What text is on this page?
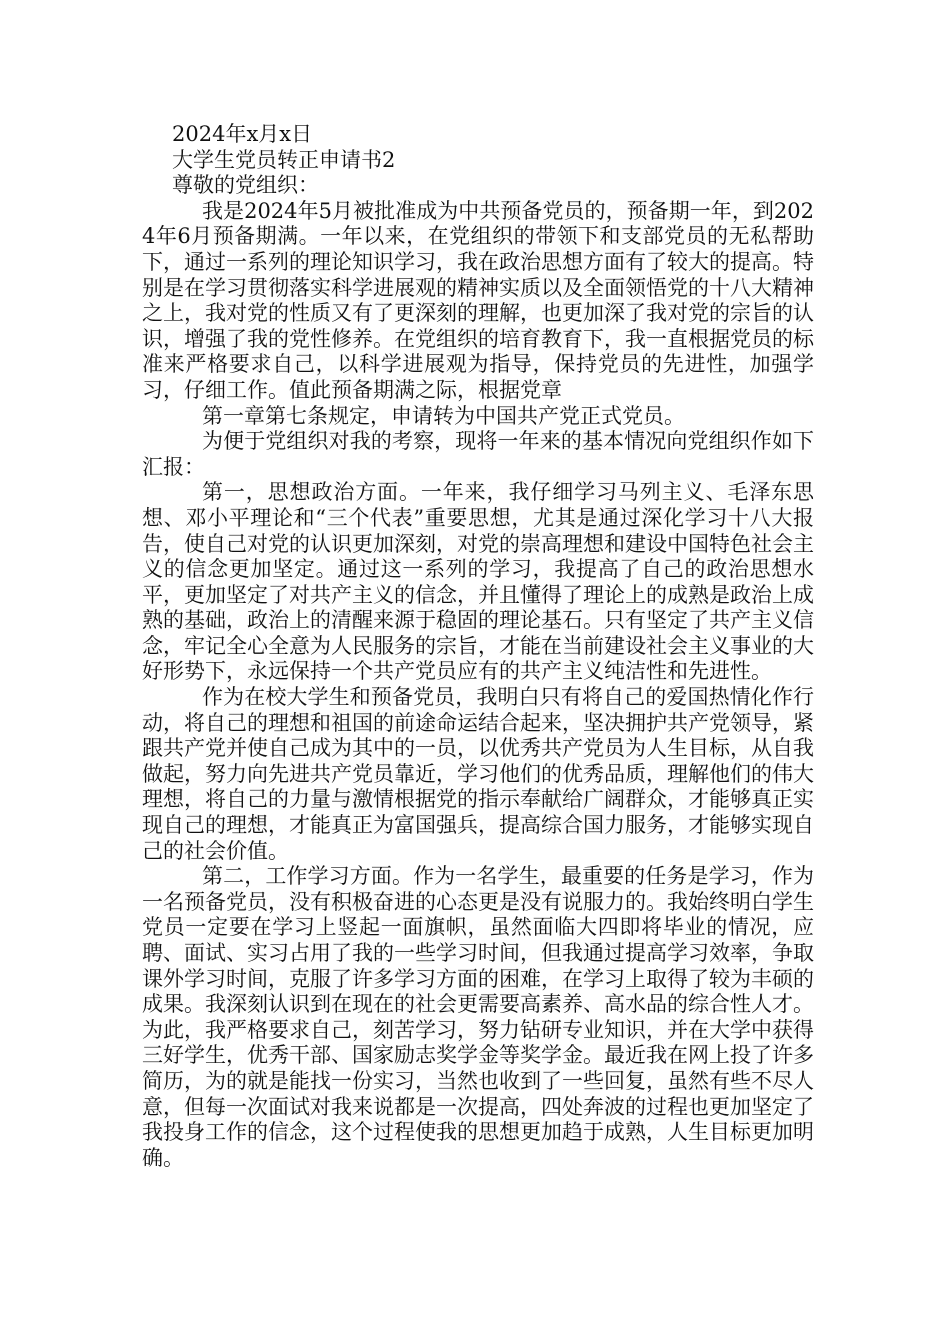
2024年x月x日

大学生党员转正申请书2

尊敬的党组织：

我是2024年5月被批准成为中共预备党员的，预备期一年，到2024年6月预备期满。一年以来，在党组织的带领下和支部党员的无私帮助下，通过一系列的理论知识学习，我在政治思想方面有了较大的提高。特别是在学习贯彻落实科学进展观的精神实质以及全面领悟党的十八大精神之上，我对党的性质又有了更深刻的理解，也更加深了我对党的宗旨的认识，增强了我的党性修养。在党组织的培育教育下，我一直根据党员的标准来严格要求自己，以科学进展观为指导，保持党员的先进性，加强学习，仔细工作。值此预备期满之际，根据党章

第一章第七条规定，申请转为中国共产党正式党员。

为便于党组织对我的考察，现将一年来的基本情况向党组织作如下汇报：

第一，思想政治方面。一年来，我仔细学习马列主义、毛泽东思想、邓小平理论和“三个代表”重要思想，尤其是通过深化学习十八大报告，使自己对党的认识更加深刻，对党的崇高理想和建设中国特色社会主义的信念更加坚定。通过这一系列的学习，我提高了自己的政治思想水平，更加坚定了对共产主义的信念，并且懂得了理论上的成熟是政治上成熟的基础，政治上的清醒来源于稳固的理论基石。只有坚定了共产主义信念，牢记全心全意为人民服务的宗旨，才能在当前建设社会主义事业的大好形势下，永远保持一个共产党员应有的共产主义纯洁性和先进性。

作为在校大学生和预备党员，我明白只有将自己的爱国热情化作行动，将自己的理想和祖国的前途命运结合起来，坚决拥护共产党领导，紧跟共产党并使自己成为其中的一员，以优秀共产党员为人生目标，从自我做起，努力向先进共产党员靠近，学习他们的优秀品质，理解他们的伟大理想，将自己的力量与激情根据党的指示奉献给广阔群众，才能够真正实现自己的理想，才能真正为富国强兵，提高综合国力服务，才能够实现自己的社会价值。

第二，工作学习方面。作为一名学生，最重要的任务是学习，作为一名预备党员，没有积极奋进的心态更是没有说服力的。我始终明白学生党员一定要在学习上竖起一面旗帜，虽然面临大四即将毕业的情况，应聘、面试、实习占用了我的一些学习时间，但我通过提高学习效率，争取课外学习时间，克服了许多学习方面的困难，在学习上取得了较为丰硕的成果。我深刻认识到在现在的社会更需要高素养、高水品的综合性人才。为此，我严格要求自己，刻苦学习，努力钻研专业知识，并在大学中获得三好学生，优秀干部、国家励志奖学金等奖学金。最近我在网上投了许多简历，为的就是能找一份实习，当然也收到了一些回复，虽然有些不尽人意，但每一次面试对我来说都是一次提高，四处奔波的过程也更加坚定了我投身工作的信念，这个过程使我的思想更加趋于成熟，人生目标更加明确。
